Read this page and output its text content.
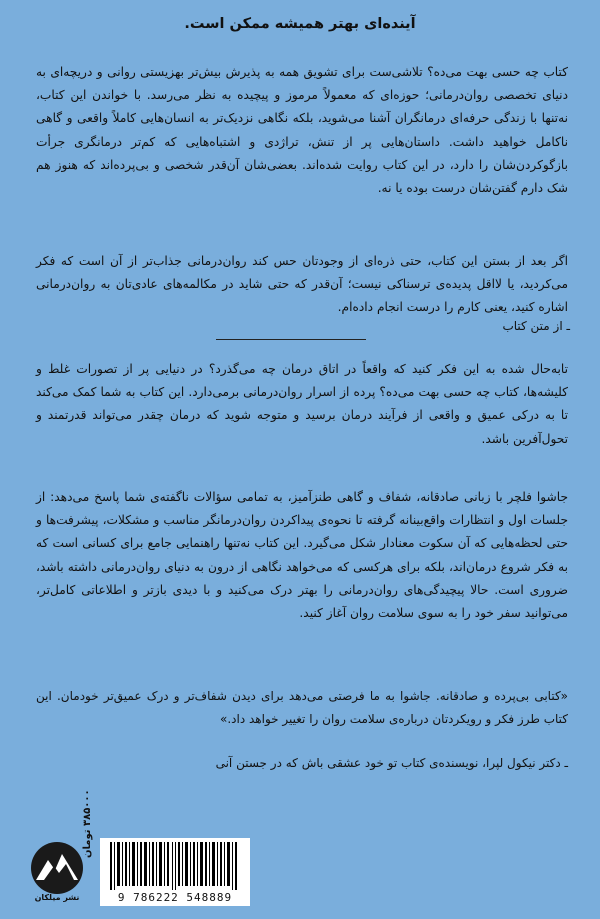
آینده‌ای بهتر همیشه ممکن است.

کتاب چه حسی بهت می‌ده؟ تلاشی‌ست برای تشویق همه به پذیرش بیش‌تر بهزیستی روانی و دریچه‌ای به دنیای تخصصی روان‌درمانی؛ حوزه‌ای که معمولاً مرموز و پیچیده به نظر می‌رسد. با خواندن این کتاب، نه‌تنها با زندگی حرفه‌ای درمانگران آشنا می‌شوید، بلکه نگاهی نزدیک‌تر به انسان‌هایی کاملاً واقعی و گاهی ناکامل خواهید داشت. داستان‌هایی پر از تنش، تراژدی و اشتباه‌هایی که کم‌تر درمانگری جرأت بازگوکردن‌شان را دارد، در این کتاب روایت شده‌اند. بعضی‌شان آن‌قدر شخصی و بی‌پرده‌اند که هنوز هم شک دارم گفتن‌شان درست بوده یا نه.

اگر بعد از بستن این کتاب، حتی ذره‌ای از وجودتان حس کند روان‌درمانی جذاب‌تر از آن است که فکر می‌کردید، یا لااقل پدیده‌ی ترسناکی نیست؛ آن‌قدر که حتی شاید در مکالمه‌های عادی‌تان به روان‌درمانی اشاره کنید، یعنی کارم را درست انجام داده‌ام.

ـ از متن کتاب

تابه‌حال شده به این فکر کنید که واقعاً در اتاق درمان چه می‌گذرد؟ در دنیایی پر از تصورات غلط و کلیشه‌ها، کتاب چه حسی بهت می‌ده؟ پرده از اسرار روان‌درمانی برمی‌دارد. این کتاب به شما کمک می‌کند تا به درکی عمیق و واقعی از فرآیند درمان برسید و متوجه شوید که درمان چقدر می‌تواند قدرتمند و تحول‌آفرین باشد.

جاشوا فلچر با زبانی صادقانه، شفاف و گاهی طنزآمیز، به تمامی سؤالات ناگفته‌ی شما پاسخ می‌دهد: از جلسات اول و انتظارات واقع‌بینانه گرفته تا نحوه‌ی پیداکردن روان‌درمانگر مناسب و مشکلات، پیشرفت‌ها و حتی لحظه‌هایی که آن سکوت معنادار شکل می‌گیرد. این کتاب نه‌تنها راهنمایی جامع برای کسانی است که به فکر شروع درمان‌اند، بلکه برای هرکسی که می‌خواهد نگاهی از درون به دنیای روان‌درمانی داشته باشد، ضروری است. حالا پیچیدگی‌های روان‌درمانی را بهتر درک می‌کنید و با دیدی بازتر و اطلاعاتی کامل‌تر، می‌توانید سفر خود را به سوی سلامت روان آغاز کنید.

«کتابی بی‌پرده و صادقانه. جاشوا به ما فرصتی می‌دهد برای دیدن شفاف‌تر و درک عمیق‌تر خودمان. این کتاب طرز فکر و رویکردتان درباره‌ی سلامت روان را تغییر خواهد داد.»

ـ دکتر نیکول لپرا، نویسنده‌ی کتاب تو خود عشقی باش که در جستن آنی

نشر میلکان

۳۸۵۰۰۰ تومان

9 786222 548889
